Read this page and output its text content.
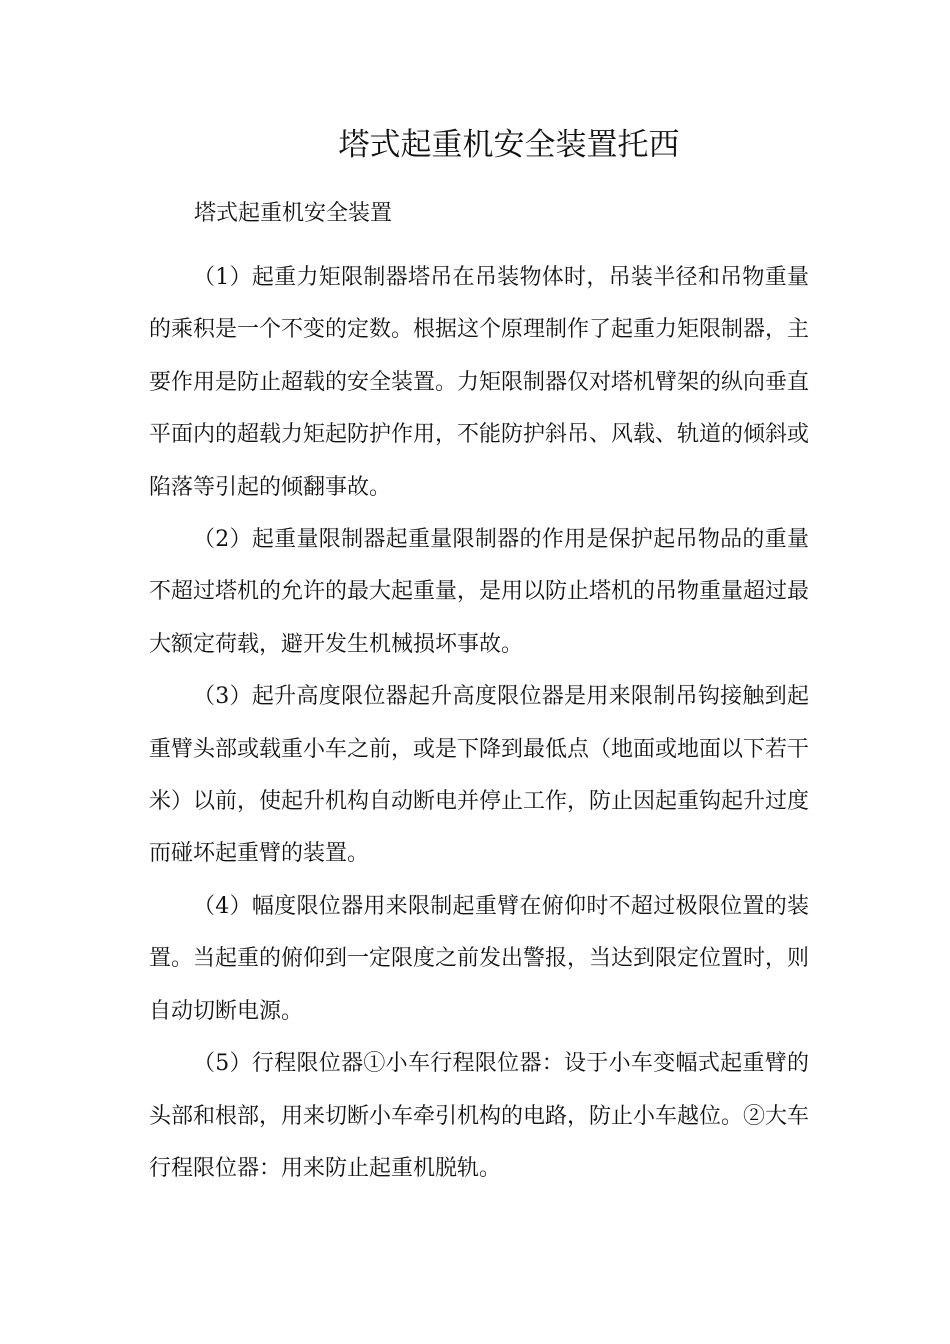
塔式起重机安全装置托西
塔式起重机安全装置

（1）起重力矩限制器塔吊在吊装物体时，吊装半径和吊物重量的乘积是一个不变的定数。根据这个原理制作了起重力矩限制器，主要作用是防止超载的安全装置。力矩限制器仅对塔机臂架的纵向垂直平面内的超载力矩起防护作用，不能防护斜吊、风载、轨道的倾斜或陷落等引起的倾翻事故。

（2）起重量限制器起重量限制器的作用是保护起吊物品的重量不超过塔机的允许的最大起重量，是用以防止塔机的吊物重量超过最大额定荷载，避开发生机械损坏事故。

（3）起升高度限位器起升高度限位器是用来限制吊钩接触到起重臂头部或载重小车之前，或是下降到最低点（地面或地面以下若干米）以前，使起升机构自动断电并停止工作，防止因起重钩起升过度而碰坏起重臂的装置。

（4）幅度限位器用来限制起重臂在俯仰时不超过极限位置的装置。当起重的俯仰到一定限度之前发出警报，当达到限定位置时，则自动切断电源。

（5）行程限位器①小车行程限位器：设于小车变幅式起重臂的头部和根部，用来切断小车牵引机构的电路，防止小车越位。②大车行程限位器：用来防止起重机脱轨。
